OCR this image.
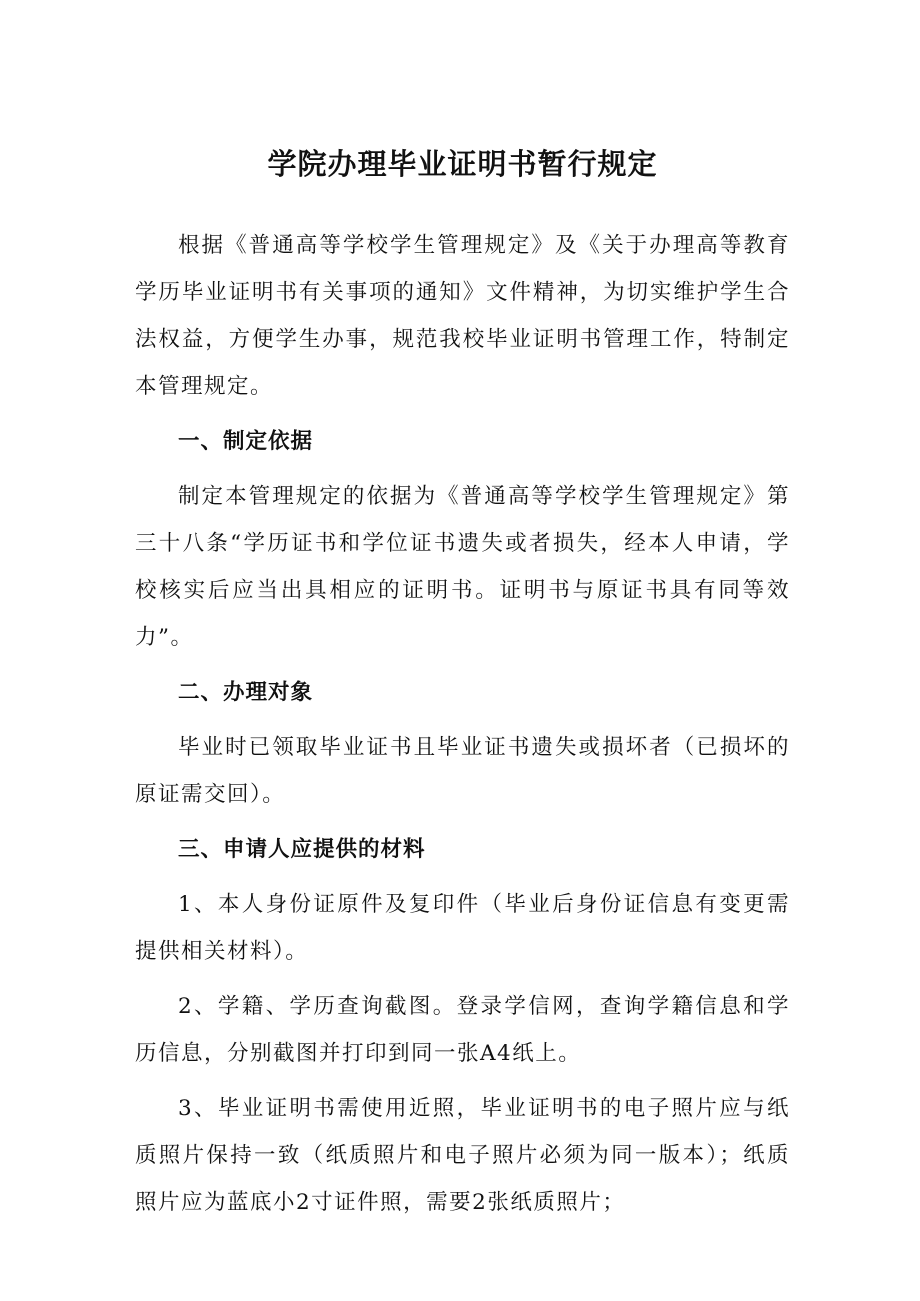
学院办理毕业证明书暂行规定

根据《普通高等学校学生管理规定》及《关于办理高等教育学历毕业证明书有关事项的通知》文件精神，为切实维护学生合法权益，方便学生办事，规范我校毕业证明书管理工作，特制定本管理规定。

一、制定依据

制定本管理规定的依据为《普通高等学校学生管理规定》第三十八条“学历证书和学位证书遗失或者损失，经本人申请，学校核实后应当出具相应的证明书。证明书与原证书具有同等效力”。

二、办理对象

毕业时已领取毕业证书且毕业证书遗失或损坏者（已损坏的原证需交回）。

三、申请人应提供的材料

1、本人身份证原件及复印件（毕业后身份证信息有变更需提供相关材料）。

2、学籍、学历查询截图。登录学信网，查询学籍信息和学历信息，分别截图并打印到同一张A4纸上。

3、毕业证明书需使用近照，毕业证明书的电子照片应与纸质照片保持一致（纸质照片和电子照片必须为同一版本）；纸质照片应为蓝底小2寸证件照，需要2张纸质照片；
